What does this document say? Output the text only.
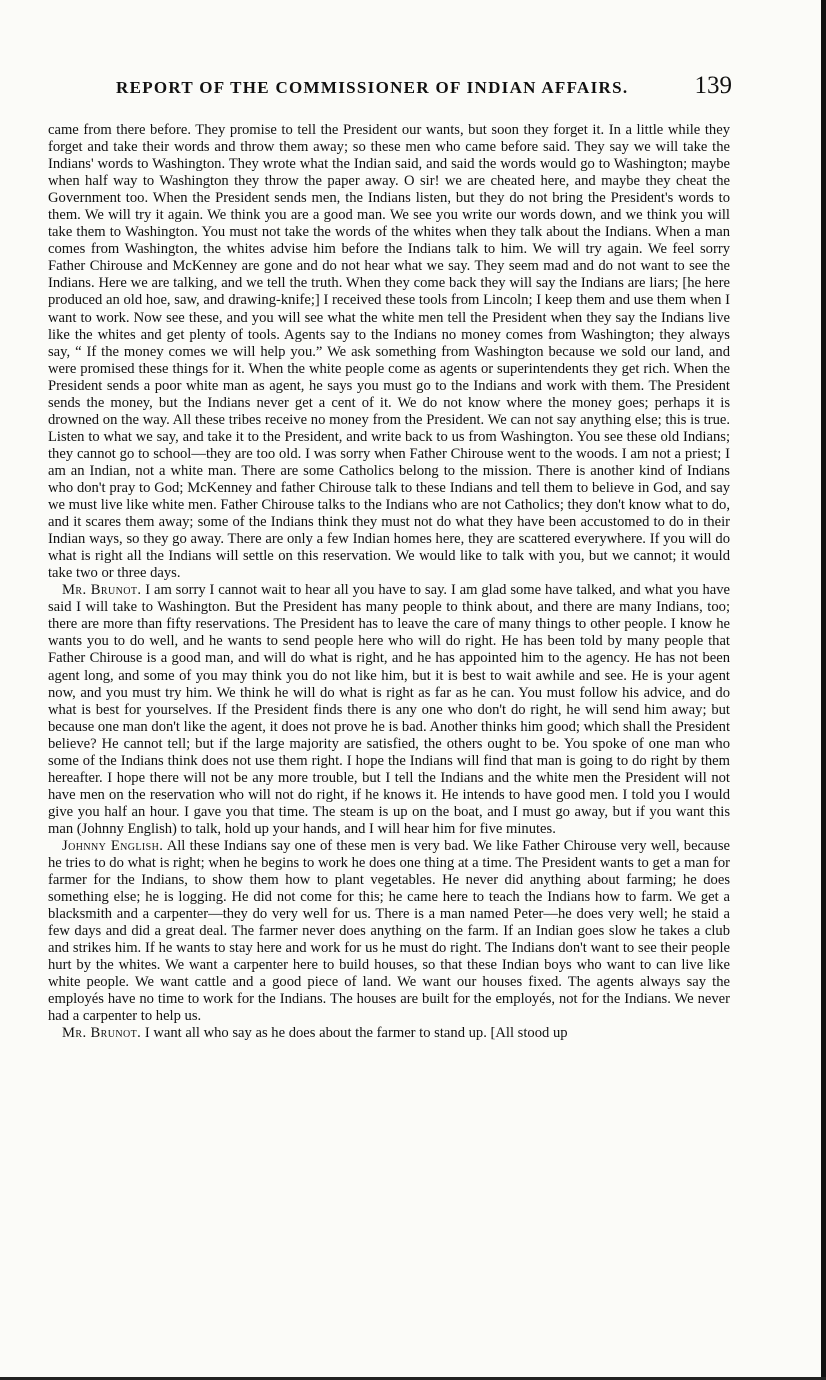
REPORT OF THE COMMISSIONER OF INDIAN AFFAIRS.	139

came from there before. They promise to tell the President our wants, but soon they forget it. In a little while they forget and take their words and throw them away; so these men who came before said. They say we will take the Indians' words to Washington. They wrote what the Indian said, and said the words would go to Washington; maybe when half way to Washington they throw the paper away. O sir! we are cheated here, and maybe they cheat the Government too. When the President sends men, the Indians listen, but they do not bring the President's words to them. We will try it again. We think you are a good man. We see you write our words down, and we think you will take them to Washington. You must not take the words of the whites when they talk about the Indians. When a man comes from Washington, the whites advise him before the Indians talk to him. We will try again. We feel sorry Father Chirouse and McKenney are gone and do not hear what we say. They seem mad and do not want to see the Indians. Here we are talking, and we tell the truth. When they come back they will say the Indians are liars; [he here produced an old hoe, saw, and drawing-knife;] I received these tools from Lincoln; I keep them and use them when I want to work. Now see these, and you will see what the white men tell the President when they say the Indians live like the whites and get plenty of tools. Agents say to the Indians no money comes from Washington; they always say, “ If the money comes we will help you.” We ask something from Washington because we sold our land, and were promised these things for it. When the white people come as agents or superintendents they get rich. When the President sends a poor white man as agent, he says you must go to the Indians and work with them. The President sends the money, but the Indians never get a cent of it. We do not know where the money goes; perhaps it is drowned on the way. All these tribes receive no money from the President. We can not say anything else; this is true. Listen to what we say, and take it to the President, and write back to us from Washington. You see these old Indians; they cannot go to school—they are too old. I was sorry when Father Chirouse went to the woods. I am not a priest; I am an Indian, not a white man. There are some Catholics belong to the mission. There is another kind of Indians who don't pray to God; McKenney and father Chirouse talk to these Indians and tell them to believe in God, and say we must live like white men. Father Chirouse talks to the Indians who are not Catholics; they don't know what to do, and it scares them away; some of the Indians think they must not do what they have been accustomed to do in their Indian ways, so they go away. There are only a few Indian homes here, they are scattered everywhere. If you will do what is right all the Indians will settle on this reservation. We would like to talk with you, but we cannot; it would take two or three days.

Mr. Brunot. I am sorry I cannot wait to hear all you have to say. I am glad some have talked, and what you have said I will take to Washington. But the President has many people to think about, and there are many Indians, too; there are more than fifty reservations. The President has to leave the care of many things to other people. I know he wants you to do well, and he wants to send people here who will do right. He has been told by many people that Father Chirouse is a good man, and will do what is right, and he has appointed him to the agency. He has not been agent long, and some of you may think you do not like him, but it is best to wait awhile and see. He is your agent now, and you must try him. We think he will do what is right as far as he can. You must follow his advice, and do what is best for yourselves. If the President finds there is any one who don't do right, he will send him away; but because one man don't like the agent, it does not prove he is bad. Another thinks him good; which shall the President believe? He cannot tell; but if the large majority are satisfied, the others ought to be. You spoke of one man who some of the Indians think does not use them right. I hope the Indians will find that man is going to do right by them hereafter. I hope there will not be any more trouble, but I tell the Indians and the white men the President will not have men on the reservation who will not do right, if he knows it. He intends to have good men. I told you I would give you half an hour. I gave you that time. The steam is up on the boat, and I must go away, but if you want this man (Johnny English) to talk, hold up your hands, and I will hear him for five minutes.

Johnny English. All these Indians say one of these men is very bad. We like Father Chirouse very well, because he tries to do what is right; when he begins to work he does one thing at a time. The President wants to get a man for farmer for the Indians, to show them how to plant vegetables. He never did anything about farming; he does something else; he is logging. He did not come for this; he came here to teach the Indians how to farm. We get a blacksmith and a carpenter—they do very well for us. There is a man named Peter—he does very well; he staid a few days and did a great deal. The farmer never does anything on the farm. If an Indian goes slow he takes a club and strikes him. If he wants to stay here and work for us he must do right. The Indians don't want to see their people hurt by the whites. We want a carpenter here to build houses, so that these Indian boys who want to can live like white people. We want cattle and a good piece of land. We want our houses fixed. The agents always say the employés have no time to work for the Indians. The houses are built for the employés, not for the Indians. We never had a carpenter to help us.

Mr. Brunot. I want all who say as he does about the farmer to stand up. [All stood up
